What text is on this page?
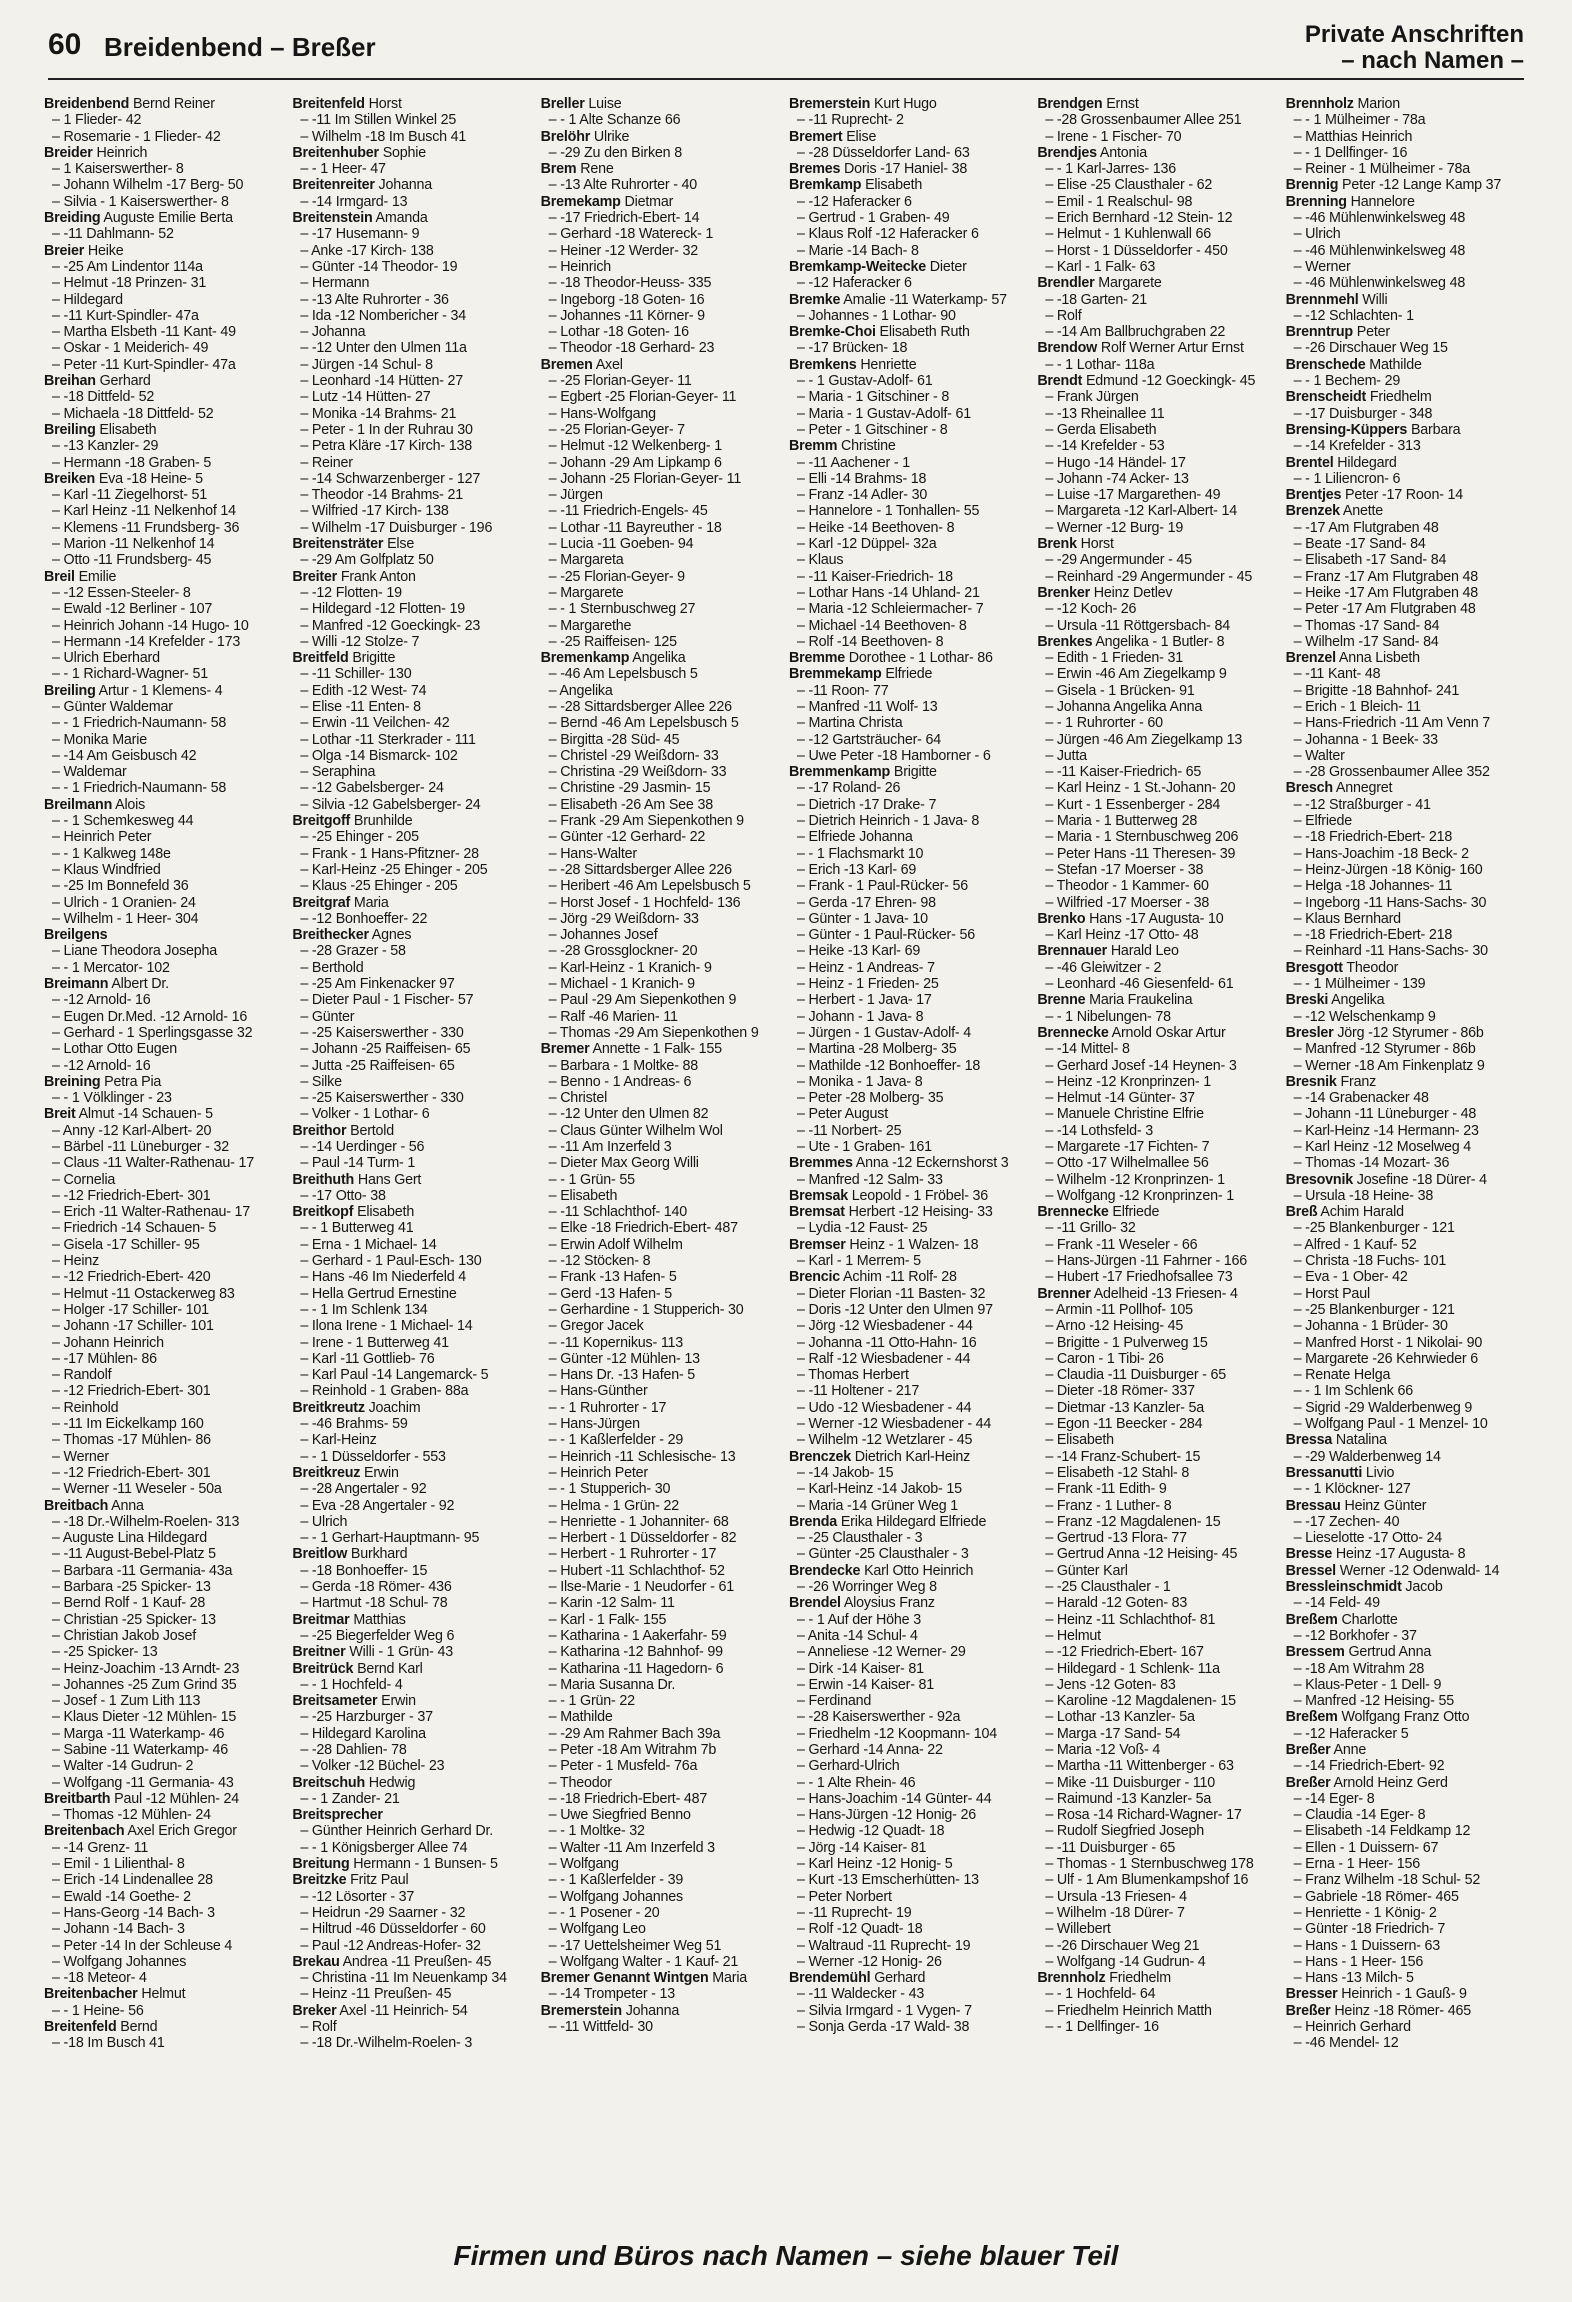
60 Breidenbend – Breßer	Private Anschriften
– nach Namen –

Breidenbend Bernd Reiner

– 1 Flieder- 42

– Rosemarie - 1 Flieder- 42

Breider Heinrich

– 1 Kaiserswerther- 8

– Johann Wilhelm -17 Berg- 50

– Silvia - 1 Kaiserswerther- 8

Breiding Auguste Emilie Berta

– -11 Dahlmann- 52

Breier Heike

– -25 Am Lindentor 114a

– Helmut -18 Prinzen- 31

– Hildegard

– -11 Kurt-Spindler- 47a

– Martha Elsbeth -11 Kant- 49

– Oskar - 1 Meiderich- 49

– Peter -11 Kurt-Spindler- 47a

Breihan Gerhard

– -18 Dittfeld- 52

– Michaela -18 Dittfeld- 52

Breiling Elisabeth

– -13 Kanzler- 29

– Hermann -18 Graben- 5

Breiken Eva -18 Heine- 5

– Karl -11 Ziegelhorst- 51

– Karl Heinz -11 Nelkenhof 14

– Klemens -11 Frundsberg- 36

– Marion -11 Nelkenhof 14

– Otto -11 Frundsberg- 45

Breil Emilie

– -12 Essen-Steeler- 8

– Ewald -12 Berliner - 107

– Heinrich Johann -14 Hugo- 10

– Hermann -14 Krefelder - 173

– Ulrich Eberhard

– - 1 Richard-Wagner- 51

Breiling Artur - 1 Klemens- 4

– Günter Waldemar

– - 1 Friedrich-Naumann- 58

– Monika Marie

– -14 Am Geisbusch 42

– Waldemar

– - 1 Friedrich-Naumann- 58

Breilmann Alois

– - 1 Schemkesweg 44

– Heinrich Peter

– - 1 Kalkweg 148e

– Klaus Windfried

– -25 Im Bonnefeld 36

– Ulrich - 1 Oranien- 24

– Wilhelm - 1 Heer- 304

Breilgens

– Liane Theodora Josepha

– - 1 Mercator- 102

Breimann Albert Dr.

– -12 Arnold- 16

– Eugen Dr.Med. -12 Arnold- 16

– Gerhard - 1 Sperlingsgasse 32

– Lothar Otto Eugen

– -12 Arnold- 16

Breining Petra Pia

– - 1 Völklinger - 23

Breit Almut -14 Schauen- 5

– Anny -12 Karl-Albert- 20

– Bärbel -11 Lüneburger - 32

– Claus -11 Walter-Rathenau- 17

– Cornelia

– -12 Friedrich-Ebert- 301

– Erich -11 Walter-Rathenau- 17

– Friedrich -14 Schauen- 5

– Gisela -17 Schiller- 95

– Heinz

– -12 Friedrich-Ebert- 420

– Helmut -11 Ostackerweg 83

– Holger -17 Schiller- 101

– Johann -17 Schiller- 101

– Johann Heinrich

– -17 Mühlen- 86

– Randolf

– -12 Friedrich-Ebert- 301

– Reinhold

– -11 Im Eickelkamp 160

– Thomas -17 Mühlen- 86

– Werner

– -12 Friedrich-Ebert- 301

– Werner -11 Weseler - 50a

Breitbach Anna

– -18 Dr.-Wilhelm-Roelen- 313

– Auguste Lina Hildegard

– -11 August-Bebel-Platz 5

– Barbara -11 Germania- 43a

– Barbara -25 Spicker- 13

– Bernd Rolf - 1 Kauf- 28

– Christian -25 Spicker- 13

– Christian Jakob Josef

– -25 Spicker- 13

– Heinz-Joachim -13 Arndt- 23

– Johannes -25 Zum Grind 35

– Josef - 1 Zum Lith 113

– Klaus Dieter -12 Mühlen- 15

– Marga -11 Waterkamp- 46

– Sabine -11 Waterkamp- 46

– Walter -14 Gudrun- 2

– Wolfgang -11 Germania- 43

Breitbarth Paul -12 Mühlen- 24

– Thomas -12 Mühlen- 24

Breitenbach Axel Erich Gregor

– -14 Grenz- 11

– Emil - 1 Lilienthal- 8

– Erich -14 Lindenallee 28

– Ewald -14 Goethe- 2

– Hans-Georg -14 Bach- 3

– Johann -14 Bach- 3

– Peter -14 In der Schleuse 4

– Wolfgang Johannes

– -18 Meteor- 4

Breitenbacher Helmut

– - 1 Heine- 56

Breitenfeld Bernd

– -18 Im Busch 41

Breitenfeld Horst

– -11 Im Stillen Winkel 25

– Wilhelm -18 Im Busch 41

Breitenhuber Sophie

– - 1 Heer- 47

Breitenreiter Johanna

– -14 Irmgard- 13

Breitenstein Amanda

– -17 Husemann- 9

– Anke -17 Kirch- 138

– Günter -14 Theodor- 19

– Hermann

– -13 Alte Ruhrorter - 36

– Ida -12 Nombericher - 34

– Johanna

– -12 Unter den Ulmen 11a

– Jürgen -14 Schul- 8

– Leonhard -14 Hütten- 27

– Lutz -14 Hütten- 27

– Monika -14 Brahms- 21

– Peter - 1 In der Ruhrau 30

– Petra Kläre -17 Kirch- 138

– Reiner

– -14 Schwarzenberger - 127

– Theodor -14 Brahms- 21

– Wilfried -17 Kirch- 138

– Wilhelm -17 Duisburger - 196

Breitensträter Else

– -29 Am Golfplatz 50

Breiter Frank Anton

– -12 Flotten- 19

– Hildegard -12 Flotten- 19

– Manfred -12 Goeckingk- 23

– Willi -12 Stolze- 7

Breitfeld Brigitte

– -11 Schiller- 130

– Edith -12 West- 74

– Elise -11 Enten- 8

– Erwin -11 Veilchen- 42

– Lothar -11 Sterkrader - 111

– Olga -14 Bismarck- 102

– Seraphina

– -12 Gabelsberger- 24

– Silvia -12 Gabelsberger- 24

Breitgoff Brunhilde

– -25 Ehinger - 205

– Frank - 1 Hans-Pfitzner- 28

– Karl-Heinz -25 Ehinger - 205

– Klaus -25 Ehinger - 205

Breitgraf Maria

– -12 Bonhoeffer- 22

Breithecker Agnes

– -28 Grazer - 58

– Berthold

– -25 Am Finkenacker 97

– Dieter Paul - 1 Fischer- 57

– Günter

– -25 Kaiserswerther - 330

– Johann -25 Raiffeisen- 65

– Jutta -25 Raiffeisen- 65

– Silke

– -25 Kaiserswerther - 330

– Volker - 1 Lothar- 6

Breithor Bertold

– -14 Uerdinger - 56

– Paul -14 Turm- 1

Breithuth Hans Gert

– -17 Otto- 38

Breitkopf Elisabeth

– - 1 Butterweg 41

– Erna - 1 Michael- 14

– Gerhard - 1 Paul-Esch- 130

– Hans -46 Im Niederfeld 4

– Hella Gertrud Ernestine

– - 1 Im Schlenk 134

– Ilona Irene - 1 Michael- 14

– Irene - 1 Butterweg 41

– Karl -11 Gottlieb- 76

– Karl Paul -14 Langemarck- 5

– Reinhold - 1 Graben- 88a

Breitkreutz Joachim

– -46 Brahms- 59

– Karl-Heinz

– - 1 Düsseldorfer - 553

Breitkreuz Erwin

– -28 Angertaler - 92

– Eva -28 Angertaler - 92

– Ulrich

– - 1 Gerhart-Hauptmann- 95

Breitlow Burkhard

– -18 Bonhoeffer- 15

– Gerda -18 Römer- 436

– Hartmut -18 Schul- 78

Breitmar Matthias

– -25 Biegerfelder Weg 6

Breitner Willi - 1 Grün- 43

Breitrück Bernd Karl

– - 1 Hochfeld- 4

Breitsameter Erwin

– -25 Harzburger - 37

– Hildegard Karolina

– -28 Dahlien- 78

– Volker -12 Büchel- 23

Breitschuh Hedwig

– - 1 Zander- 21

Breitsprecher

– Günther Heinrich Gerhard Dr.

– - 1 Königsberger Allee 74

Breitung Hermann - 1 Bunsen- 5

Breitzke Fritz Paul

– -12 Lösorter - 37

– Heidrun -29 Saarner - 32

– Hiltrud -46 Düsseldorfer - 60

– Paul -12 Andreas-Hofer- 32

Brekau Andrea -11 Preußen- 45

– Christina -11 Im Neuenkamp 34

– Heinz -11 Preußen- 45

Breker Axel -11 Heinrich- 54

– Rolf

– -18 Dr.-Wilhelm-Roelen- 3

Breller Luise

– - 1 Alte Schanze 66

Brelöhr Ulrike

– -29 Zu den Birken 8

Brem Rene

– -13 Alte Ruhrorter - 40

Bremekamp Dietmar

– -17 Friedrich-Ebert- 14

– Gerhard -18 Watereck- 1

– Heiner -12 Werder- 32

– Heinrich

– -18 Theodor-Heuss- 335

– Ingeborg -18 Goten- 16

– Johannes -11 Körner- 9

– Lothar -18 Goten- 16

– Theodor -18 Gerhard- 23

Bremen Axel

– -25 Florian-Geyer- 11

– Egbert -25 Florian-Geyer- 11

– Hans-Wolfgang

– -25 Florian-Geyer- 7

– Helmut -12 Welkenberg- 1

– Johann -29 Am Lipkamp 6

– Johann -25 Florian-Geyer- 11

– Jürgen

– -11 Friedrich-Engels- 45

– Lothar -11 Bayreuther - 18

– Lucia -11 Goeben- 94

– Margareta

– -25 Florian-Geyer- 9

– Margarete

– - 1 Sternbuschweg 27

– Margarethe

– -25 Raiffeisen- 125

Bremenkamp Angelika

– -46 Am Lepelsbusch 5

– Angelika

– -28 Sittardsberger Allee 226

– Bernd -46 Am Lepelsbusch 5

– Birgitta -28 Süd- 45

– Christel -29 Weißdorn- 33

– Christina -29 Weißdorn- 33

– Christine -29 Jasmin- 15

– Elisabeth -26 Am See 38

– Frank -29 Am Siepenkothen 9

– Günter -12 Gerhard- 22

– Hans-Walter

– -28 Sittardsberger Allee 226

– Heribert -46 Am Lepelsbusch 5

– Horst Josef - 1 Hochfeld- 136

– Jörg -29 Weißdorn- 33

– Johannes Josef

– -28 Grossglockner- 20

– Karl-Heinz - 1 Kranich- 9

– Michael - 1 Kranich- 9

– Paul -29 Am Siepenkothen 9

– Ralf -46 Marien- 11

– Thomas -29 Am Siepenkothen 9

Bremer Annette - 1 Falk- 155

– Barbara - 1 Moltke- 88

– Benno - 1 Andreas- 6

– Christel

– -12 Unter den Ulmen 82

– Claus Günter Wilhelm Wol

– -11 Am Inzerfeld 3

– Dieter Max Georg Willi

– - 1 Grün- 55

– Elisabeth

– -11 Schlachthof- 140

– Elke -18 Friedrich-Ebert- 487

– Erwin Adolf Wilhelm

– -12 Stöcken- 8

– Frank -13 Hafen- 5

– Gerd -13 Hafen- 5

– Gerhardine - 1 Stupperich- 30

– Gregor Jacek

– -11 Kopernikus- 113

– Günter -12 Mühlen- 13

– Hans Dr. -13 Hafen- 5

– Hans-Günther

– - 1 Ruhrorter - 17

– Hans-Jürgen

– - 1 Kaßlerfelder - 29

– Heinrich -11 Schlesische- 13

– Heinrich Peter

– - 1 Stupperich- 30

– Helma - 1 Grün- 22

– Henriette - 1 Johanniter- 68

– Herbert - 1 Düsseldorfer - 82

– Herbert - 1 Ruhrorter - 17

– Hubert -11 Schlachthof- 52

– Ilse-Marie - 1 Neudorfer - 61

– Karin -12 Salm- 11

– Karl - 1 Falk- 155

– Katharina - 1 Aakerfahr- 59

– Katharina -12 Bahnhof- 99

– Katharina -11 Hagedorn- 6

– Maria Susanna Dr.

– - 1 Grün- 22

– Mathilde

– -29 Am Rahmer Bach 39a

– Peter -18 Am Witrahm 7b

– Peter - 1 Musfeld- 76a

– Theodor

– -18 Friedrich-Ebert- 487

– Uwe Siegfried Benno

– - 1 Moltke- 32

– Walter -11 Am Inzerfeld 3

– Wolfgang

– - 1 Kaßlerfelder - 39

– Wolfgang Johannes

– - 1 Posener - 20

– Wolfgang Leo

– -17 Uettelsheimer Weg 51

– Wolfgang Walter - 1 Kauf- 21

Bremer Genannt Wintgen Maria

– -14 Trompeter - 13

Bremerstein Johanna

– -11 Wittfeld- 30

Bremerstein Kurt Hugo

– -11 Ruprecht- 2

Bremert Elise

– -28 Düsseldorfer Land- 63

Bremes Doris -17 Haniel- 38

Bremkamp Elisabeth

– -12 Haferacker 6

– Gertrud - 1 Graben- 49

– Klaus Rolf -12 Haferacker 6

– Marie -14 Bach- 8

Bremkamp-Weitecke Dieter

– -12 Haferacker 6

Bremke Amalie -11 Waterkamp- 57

– Johannes - 1 Lothar- 90

Bremke-Choi Elisabeth Ruth

– -17 Brücken- 18

Bremkens Henriette

– - 1 Gustav-Adolf- 61

– Maria - 1 Gitschiner - 8

– Maria - 1 Gustav-Adolf- 61

– Peter - 1 Gitschiner - 8

Bremm Christine

– -11 Aachener - 1

– Elli -14 Brahms- 18

– Franz -14 Adler- 30

– Hannelore - 1 Tonhallen- 55

– Heike -14 Beethoven- 8

– Karl -12 Düppel- 32a

– Klaus

– -11 Kaiser-Friedrich- 18

– Lothar Hans -14 Uhland- 21

– Maria -12 Schleiermacher- 7

– Michael -14 Beethoven- 8

– Rolf -14 Beethoven- 8

Bremme Dorothee - 1 Lothar- 86

Bremmekamp Elfriede

– -11 Roon- 77

– Manfred -11 Wolf- 13

– Martina Christa

– -12 Gartsträucher- 64

– Uwe Peter -18 Hamborner - 6

Bremmenkamp Brigitte

– -17 Roland- 26

– Dietrich -17 Drake- 7

– Dietrich Heinrich - 1 Java- 8

– Elfriede Johanna

– - 1 Flachsmarkt 10

– Erich -13 Karl- 69

– Frank - 1 Paul-Rücker- 56

– Gerda -17 Ehren- 98

– Günter - 1 Java- 10

– Günter - 1 Paul-Rücker- 56

– Heike -13 Karl- 69

– Heinz - 1 Andreas- 7

– Heinz - 1 Frieden- 25

– Herbert - 1 Java- 17

– Johann - 1 Java- 8

– Jürgen - 1 Gustav-Adolf- 4

– Martina -28 Molberg- 35

– Mathilde -12 Bonhoeffer- 18

– Monika - 1 Java- 8

– Peter -28 Molberg- 35

– Peter August

– -11 Norbert- 25

– Ute - 1 Graben- 161

Bremmes Anna -12 Eckernshorst 3

– Manfred -12 Salm- 33

Bremsak Leopold - 1 Fröbel- 36

Bremsat Herbert -12 Heising- 33

– Lydia -12 Faust- 25

Bremser Heinz - 1 Walzen- 18

– Karl - 1 Merrem- 5

Brencic Achim -11 Rolf- 28

– Dieter Florian -11 Basten- 32

– Doris -12 Unter den Ulmen 97

– Jörg -12 Wiesbadener - 44

– Johanna -11 Otto-Hahn- 16

– Ralf -12 Wiesbadener - 44

– Thomas Herbert

– -11 Holtener - 217

– Udo -12 Wiesbadener - 44

– Werner -12 Wiesbadener - 44

– Wilhelm -12 Wetzlarer - 45

Brenczek Dietrich Karl-Heinz

– -14 Jakob- 15

– Karl-Heinz -14 Jakob- 15

– Maria -14 Grüner Weg 1

Brenda Erika Hildegard Elfriede

– -25 Clausthaler - 3

– Günter -25 Clausthaler - 3

Brendecke Karl Otto Heinrich

– -26 Worringer Weg 8

Brendel Aloysius Franz

– - 1 Auf der Höhe 3

– Anita -14 Schul- 4

– Anneliese -12 Werner- 29

– Dirk -14 Kaiser- 81

– Erwin -14 Kaiser- 81

– Ferdinand

– -28 Kaiserswerther - 92a

– Friedhelm -12 Koopmann- 104

– Gerhard -14 Anna- 22

– Gerhard-Ulrich

– - 1 Alte Rhein- 46

– Hans-Joachim -14 Günter- 44

– Hans-Jürgen -12 Honig- 26

– Hedwig -12 Quadt- 18

– Jörg -14 Kaiser- 81

– Karl Heinz -12 Honig- 5

– Kurt -13 Emscherhütten- 13

– Peter Norbert

– -11 Ruprecht- 19

– Rolf -12 Quadt- 18

– Waltraud -11 Ruprecht- 19

– Werner -12 Honig- 26

Brendemühl Gerhard

– -11 Waldecker - 43

– Silvia Irmgard - 1 Vygen- 7

– Sonja Gerda -17 Wald- 38

Brendgen Ernst

– -28 Grossenbaumer Allee 251

– Irene - 1 Fischer- 70

Brendjes Antonia

– - 1 Karl-Jarres- 136

– Elise -25 Clausthaler - 62

– Emil - 1 Realschul- 98

– Erich Bernhard -12 Stein- 12

– Helmut - 1 Kuhlenwall 66

– Horst - 1 Düsseldorfer - 450

– Karl - 1 Falk- 63

Brendler Margarete

– -18 Garten- 21

– Rolf

– -14 Am Ballbruchgraben 22

Brendow Rolf Werner Artur Ernst

– - 1 Lothar- 118a

Brendt Edmund -12 Goeckingk- 45

– Frank Jürgen

– -13 Rheinallee 11

– Gerda Elisabeth

– -14 Krefelder - 53

– Hugo -14 Händel- 17

– Johann -74 Acker- 13

– Luise -17 Margarethen- 49

– Margareta -12 Karl-Albert- 14

– Werner -12 Burg- 19

Brenk Horst

– -29 Angermunder - 45

– Reinhard -29 Angermunder - 45

Brenker Heinz Detlev

– -12 Koch- 26

– Ursula -11 Röttgersbach- 84

Brenkes Angelika - 1 Butler- 8

– Edith - 1 Frieden- 31

– Erwin -46 Am Ziegelkamp 9

– Gisela - 1 Brücken- 91

– Johanna Angelika Anna

– - 1 Ruhrorter - 60

– Jürgen -46 Am Ziegelkamp 13

– Jutta

– -11 Kaiser-Friedrich- 65

– Karl Heinz - 1 St.-Johann- 20

– Kurt - 1 Essenberger - 284

– Maria - 1 Butterweg 28

– Maria - 1 Sternbuschweg 206

– Peter Hans -11 Theresen- 39

– Stefan -17 Moerser - 38

– Theodor - 1 Kammer- 60

– Wilfried -17 Moerser - 38

Brenko Hans -17 Augusta- 10

– Karl Heinz -17 Otto- 48

Brennauer Harald Leo

– -46 Gleiwitzer - 2

– Leonhard -46 Giesenfeld- 61

Brenne Maria Fraukelina

– - 1 Nibelungen- 78

Brennecke Arnold Oskar Artur

– -14 Mittel- 8

– Gerhard Josef -14 Heynen- 3

– Heinz -12 Kronprinzen- 1

– Helmut -14 Günter- 37

– Manuele Christine Elfrie

– -14 Lothsfeld- 3

– Margarete -17 Fichten- 7

– Otto -17 Wilhelmallee 56

– Wilhelm -12 Kronprinzen- 1

– Wolfgang -12 Kronprinzen- 1

Brennecke Elfriede

– -11 Grillo- 32

– Frank -11 Weseler - 66

– Hans-Jürgen -11 Fahrner - 166

– Hubert -17 Friedhofsallee 73

Brenner Adelheid -13 Friesen- 4

– Armin -11 Pollhof- 105

– Arno -12 Heising- 45

– Brigitte - 1 Pulverweg 15

– Caron - 1 Tibi- 26

– Claudia -11 Duisburger - 65

– Dieter -18 Römer- 337

– Dietmar -13 Kanzler- 5a

– Egon -11 Beecker - 284

– Elisabeth

– -14 Franz-Schubert- 15

– Elisabeth -12 Stahl- 8

– Frank -11 Edith- 9

– Franz - 1 Luther- 8

– Franz -12 Magdalenen- 15

– Gertrud -13 Flora- 77

– Gertrud Anna -12 Heising- 45

– Günter Karl

– -25 Clausthaler - 1

– Harald -12 Goten- 83

– Heinz -11 Schlachthof- 81

– Helmut

– -12 Friedrich-Ebert- 167

– Hildegard - 1 Schlenk- 11a

– Jens -12 Goten- 83

– Karoline -12 Magdalenen- 15

– Lothar -13 Kanzler- 5a

– Marga -17 Sand- 54

– Maria -12 Voß- 4

– Martha -11 Wittenberger - 63

– Mike -11 Duisburger - 110

– Raimund -13 Kanzler- 5a

– Rosa -14 Richard-Wagner- 17

– Rudolf Siegfried Joseph

– -11 Duisburger - 65

– Thomas - 1 Sternbuschweg 178

– Ulf - 1 Am Blumenkampshof 16

– Ursula -13 Friesen- 4

– Wilhelm -18 Dürer- 7

– Willebert

– -26 Dirschauer Weg 21

– Wolfgang -14 Gudrun- 4

Brennholz Friedhelm

– - 1 Hochfeld- 64

– Friedhelm Heinrich Matth

– - 1 Dellfinger- 16

Brennholz Marion

– - 1 Mülheimer - 78a

– Matthias Heinrich

– - 1 Dellfinger- 16

– Reiner - 1 Mülheimer - 78a

Brennig Peter -12 Lange Kamp 37

Brenning Hannelore

– -46 Mühlenwinkelsweg 48

– Ulrich

– -46 Mühlenwinkelsweg 48

– Werner

– -46 Mühlenwinkelsweg 48

Brennmehl Willi

– -12 Schlachten- 1

Brenntrup Peter

– -26 Dirschauer Weg 15

Brenschede Mathilde

– - 1 Bechem- 29

Brenscheidt Friedhelm

– -17 Duisburger - 348

Brensing-Küppers Barbara

– -14 Krefelder - 313

Brentel Hildegard

– - 1 Liliencron- 6

Brentjes Peter -17 Roon- 14

Brenzek Anette

– -17 Am Flutgraben 48

– Beate -17 Sand- 84

– Elisabeth -17 Sand- 84

– Franz -17 Am Flutgraben 48

– Heike -17 Am Flutgraben 48

– Peter -17 Am Flutgraben 48

– Thomas -17 Sand- 84

– Wilhelm -17 Sand- 84

Brenzel Anna Lisbeth

– -11 Kant- 48

– Brigitte -18 Bahnhof- 241

– Erich - 1 Bleich- 11

– Hans-Friedrich -11 Am Venn 7

– Johanna - 1 Beek- 33

– Walter

– -28 Grossenbaumer Allee 352

Bresch Annegret

– -12 Straßburger - 41

– Elfriede

– -18 Friedrich-Ebert- 218

– Hans-Joachim -18 Beck- 2

– Heinz-Jürgen -18 König- 160

– Helga -18 Johannes- 11

– Ingeborg -11 Hans-Sachs- 30

– Klaus Bernhard

– -18 Friedrich-Ebert- 218

– Reinhard -11 Hans-Sachs- 30

Bresgott Theodor

– - 1 Mülheimer - 139

Breski Angelika

– -12 Welschenkamp 9

Bresler Jörg -12 Styrumer - 86b

– Manfred -12 Styrumer - 86b

– Werner -18 Am Finkenplatz 9

Bresnik Franz

– -14 Grabenacker 48

– Johann -11 Lüneburger - 48

– Karl-Heinz -14 Hermann- 23

– Karl Heinz -12 Moselweg 4

– Thomas -14 Mozart- 36

Bresovnik Josefine -18 Dürer- 4

– Ursula -18 Heine- 38

Breß Achim Harald

– -25 Blankenburger - 121

– Alfred - 1 Kauf- 52

– Christa -18 Fuchs- 101

– Eva - 1 Ober- 42

– Horst Paul

– -25 Blankenburger - 121

– Johanna - 1 Brüder- 30

– Manfred Horst - 1 Nikolai- 90

– Margarete -26 Kehrwieder 6

– Renate Helga

– - 1 Im Schlenk 66

– Sigrid -29 Walderbenweg 9

– Wolfgang Paul - 1 Menzel- 10

Bressa Natalina

– -29 Walderbenweg 14

Bressanutti Livio

– - 1 Klöckner- 127

Bressau Heinz Günter

– -17 Zechen- 40

– Lieselotte -17 Otto- 24

Bresse Heinz -17 Augusta- 8

Bressel Werner -12 Odenwald- 14

Bressleinschmidt Jacob

– -14 Feld- 49

Breßem Charlotte

– -12 Borkhofer - 37

Bressem Gertrud Anna

– -18 Am Witrahm 28

– Klaus-Peter - 1 Dell- 9

– Manfred -12 Heising- 55

Breßem Wolfgang Franz Otto

– -12 Haferacker 5

Breßer Anne

– -14 Friedrich-Ebert- 92

Breßer Arnold Heinz Gerd

– -14 Eger- 8

– Claudia -14 Eger- 8

– Elisabeth -14 Feldkamp 12

– Ellen - 1 Duissern- 67

– Erna - 1 Heer- 156

– Franz Wilhelm -18 Schul- 52

– Gabriele -18 Römer- 465

– Henriette - 1 König- 2

– Günter -18 Friedrich- 7

– Hans - 1 Duissern- 63

– Hans - 1 Heer- 156

– Hans -13 Milch- 5

Bresser Heinrich - 1 Gauß- 9

Breßer Heinz -18 Römer- 465

– Heinrich Gerhard

– -46 Mendel- 12

Firmen und Büros nach Namen – siehe blauer Teil
